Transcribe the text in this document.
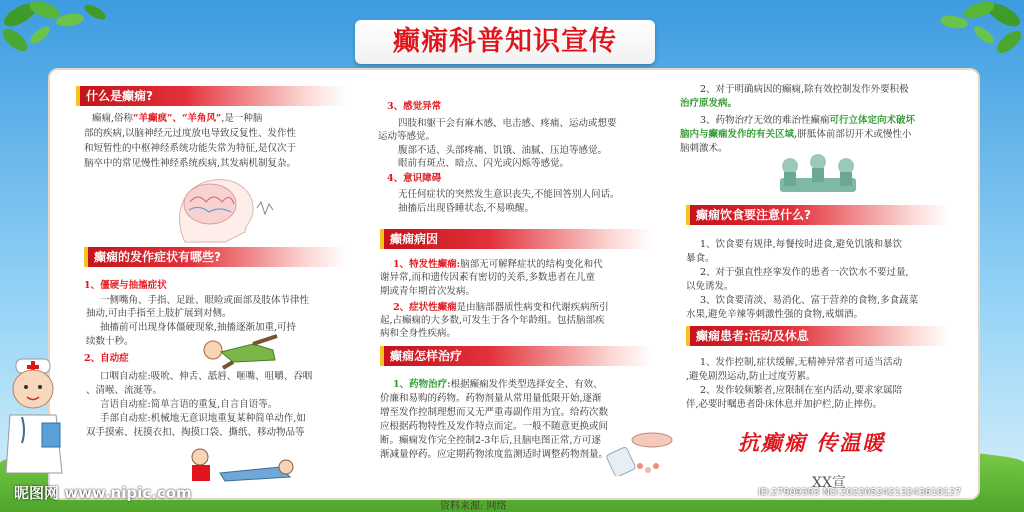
癫痫科普知识宣传
什么是癫痫?

癫痫,俗称“羊癫疯”、“羊角风”,是一种脑

部的疾病,以脑神经元过度放电导致反复性、发作性

和短暂性的中枢神经系统功能失常为特征,是仅次于

脑卒中的常见慢性神经系统疾病,其发病机制复杂。

癫痫的发作症状有哪些?

1、僵硬与抽搐症状

一侧嘴角、手指、足趾、眼睑或面部及肢体节律性

抽动,可由手指至上肢扩展到对侧。

抽搐前可出现身体僵硬现象,抽搐逐渐加重,可持

续数十秒。

2、自动症

口咽自动症:吸吮、伸舌、舐唇、咂嘴、咀嚼、吞咽

、清喉、流涎等。

言语自动症:简单言语的重复,自言自语等。

手部自动症:机械地无意识地重复某种简单动作,如

双手摸索、抚摸衣扣、掏摸口袋、撕纸、移动物品等

3、感觉异常

四肢和躯干会有麻木感、电击感、疼痛、运动或想要

运动等感觉。

腹部不适、头部疼痛、饥饿、油腻、压迫等感觉。

眼前有斑点、暗点、闪光或闪烁等感觉。

4、意识障碍

无任何症状的突然发生意识丧失,不能回答别人问话。

抽搐后出现昏睡状态,不易唤醒。

癫痫病因

1、特发性癫痫:脑部无可解释症状的结构变化和代

谢异常,而和遗传因素有密切的关系,多数患者在儿童

期或青年期首次发病。

2、症状性癫痫是由脑部器质性病变和代谢疾病所引

起,占癫痫的大多数,可发生于各个年龄组。包括脑部疾

病和全身性疾病。

癫痫怎样治疗

1、药物治疗:根据癫痫发作类型选择安全、有效、

价廉和易购的药物。药物剂量从常用量低限开始,逐渐

增至发作控制理想而又无严重毒副作用为宜。给药次数

应根据药物特性及发作特点而定。一般不随意更换或间

断。癫痫发作完全控制2-3年后,且脑电图正常,方可逐

渐减量停药。应定期药物浓度监测适时调整药物剂量。

资料来源: 网络

2、对于明确病因的癫痫,除有效控制发作外要积极

治疗原发病。

3、药物治疗无效的难治性癫痫可行立体定向术破坏

脑内与癫痫发作的有关区域,胼胝体前部切开术或慢性小

脑刺激术。

癫痫饮食要注意什么?

1、饮食要有规律,每餐按时进食,避免饥饿和暴饮

暴食。

2、对于强直性痉挛发作的患者一次饮水不要过量,

以免诱发。

3、饮食要清淡、易消化、富于营养的食物,多食蔬菜

水果,避免辛辣等刺激性强的食物,戒烟酒。

癫痫患者:活动及休息

1、发作控制,症状缓解,无精神异常者可适当活动

,避免剧烈运动,防止过度劳累。

2、发作较频繁者,应限制在室内活动,要求家属陪

伴,必要时嘱患者卧床休息并加护栏,防止摔伤。

抗癫痫 传温暖
XX宣
昵图网 www.nipic.com	ID:27909393 NO:20220524213243610127
